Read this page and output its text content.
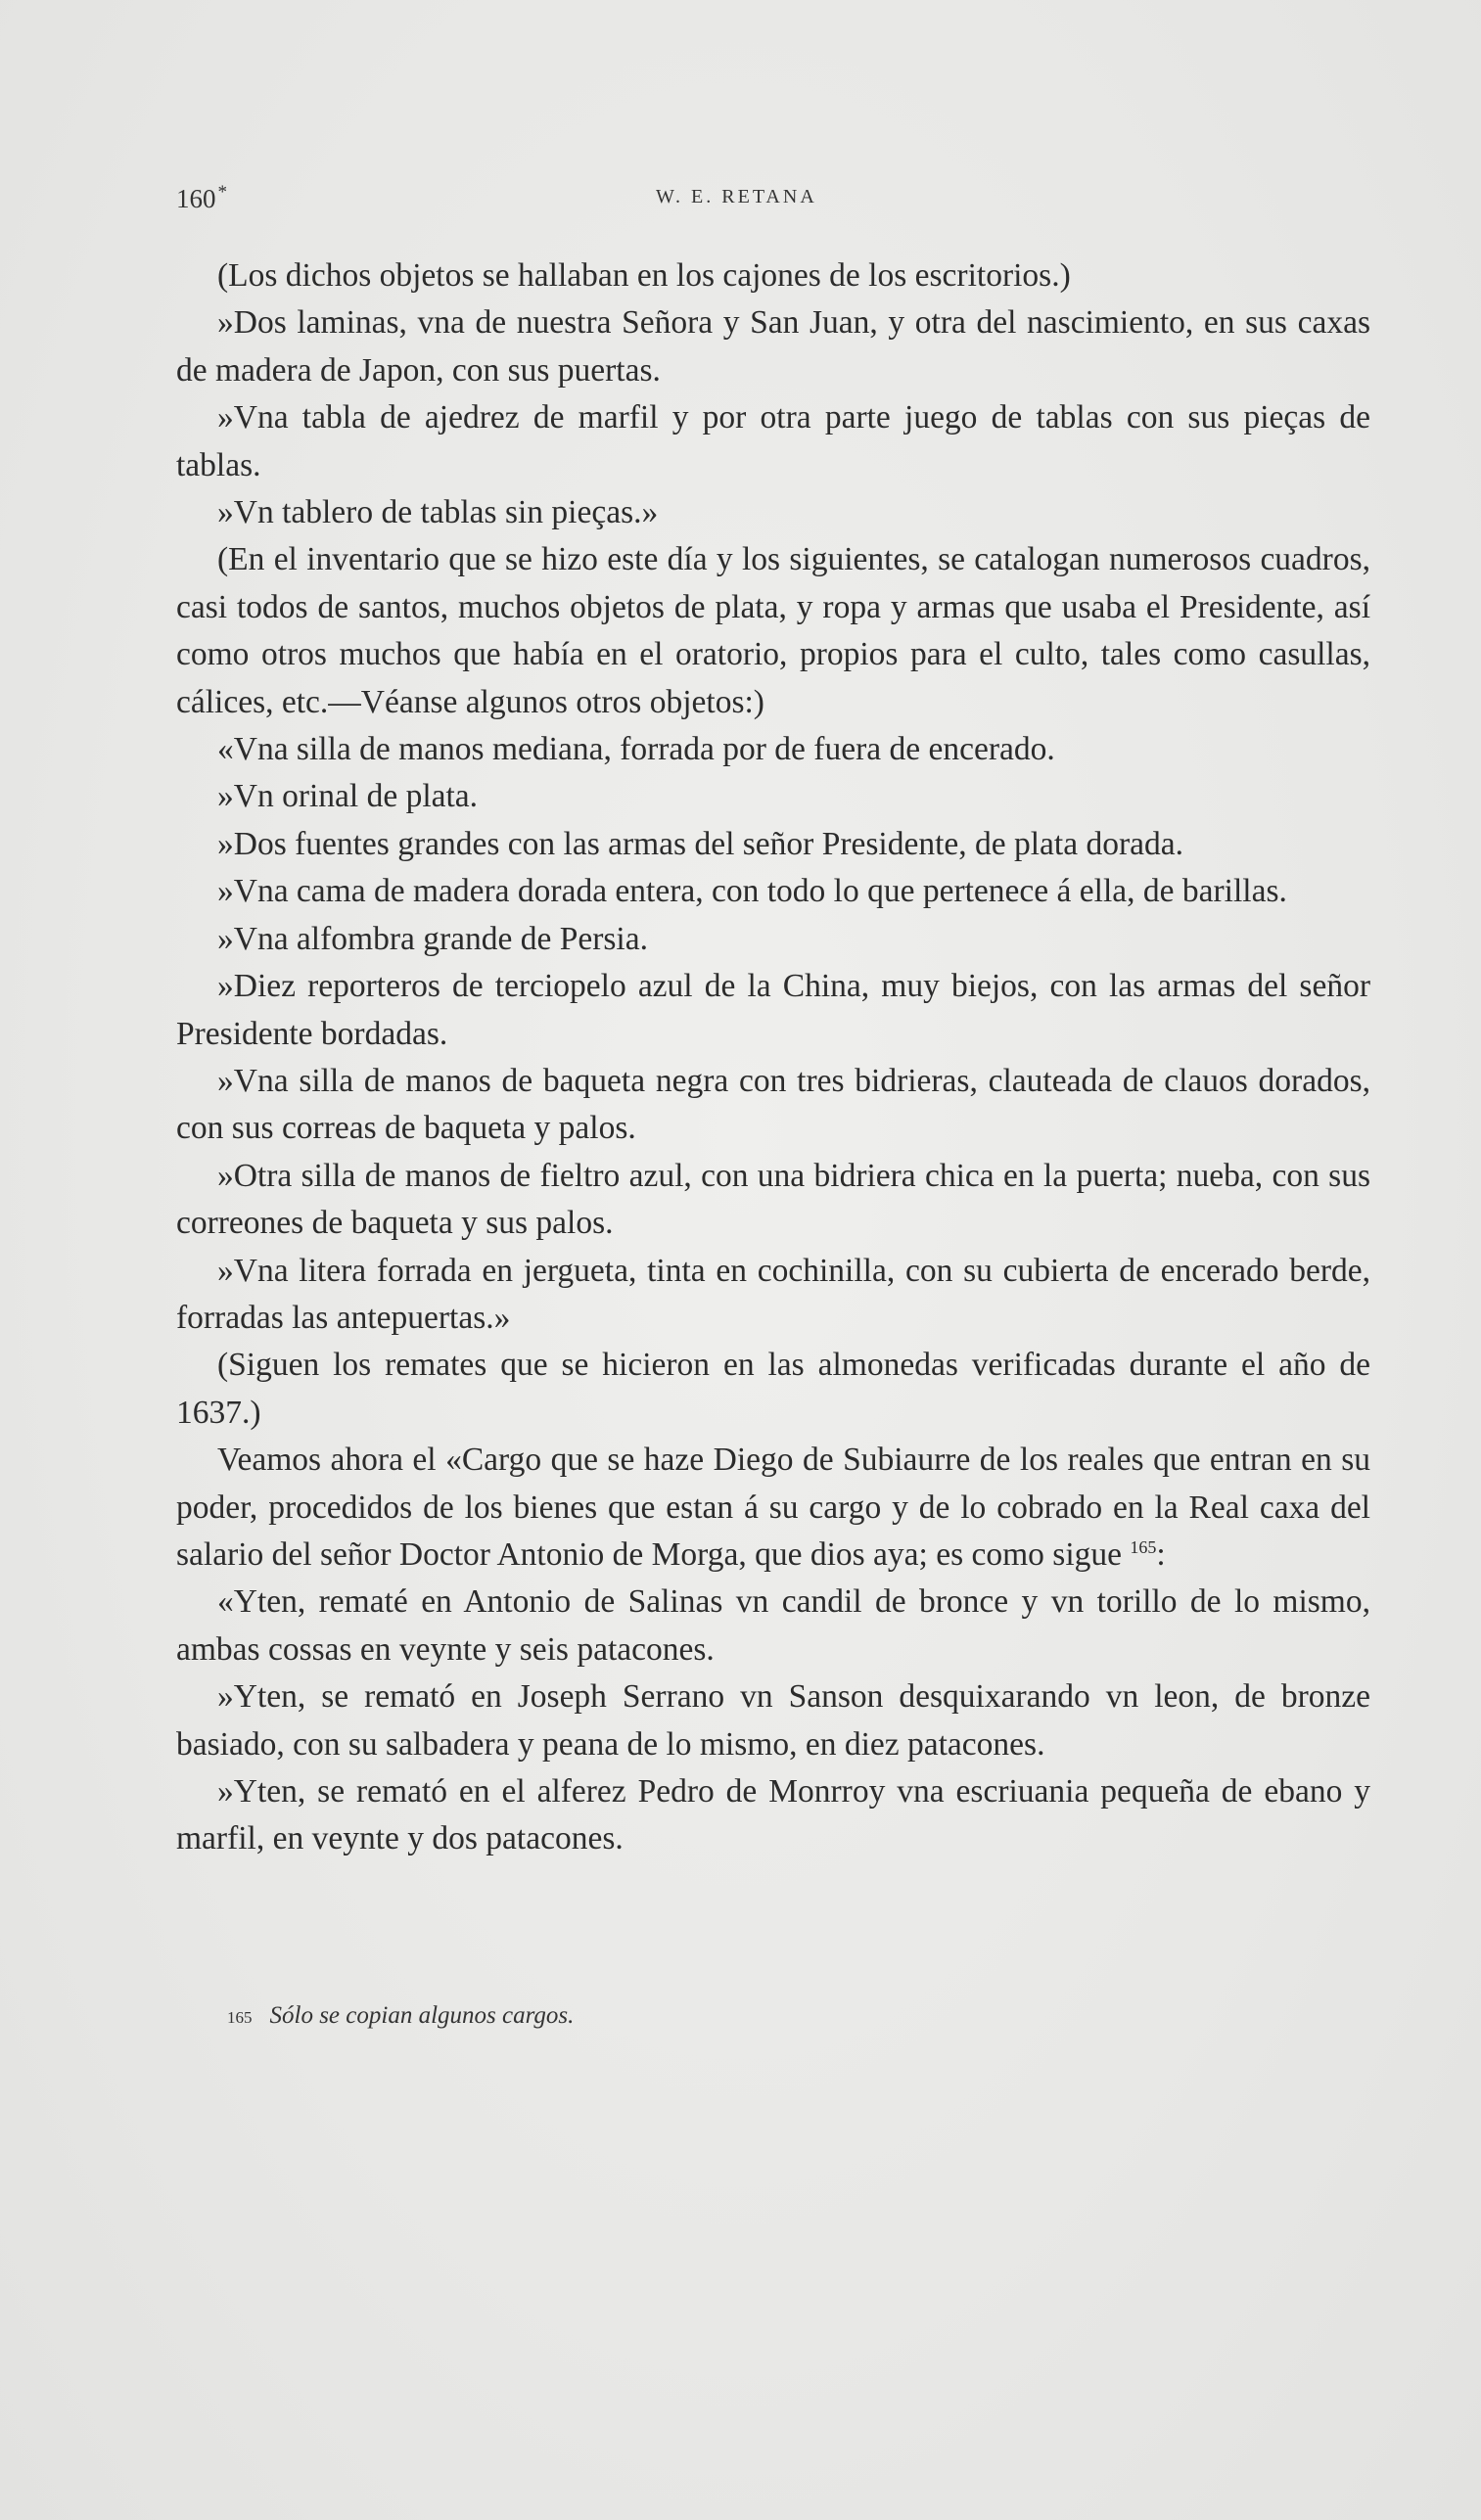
160 *	W. E. RETANA

(Los dichos objetos se hallaban en los cajones de los escritorios.)

»Dos laminas, vna de nuestra Señora y San Juan, y otra del nascimiento, en sus caxas de madera de Japon, con sus puertas.

»Vna tabla de ajedrez de marfil y por otra parte juego de tablas con sus pieças de tablas.

»Vn tablero de tablas sin pieças.»

(En el inventario que se hizo este día y los siguientes, se catalogan numerosos cuadros, casi todos de santos, muchos objetos de plata, y ropa y armas que usaba el Presidente, así como otros muchos que había en el oratorio, propios para el culto, tales como casullas, cálices, etc.—Véanse algunos otros objetos:)

«Vna silla de manos mediana, forrada por de fuera de encerado.

»Vn orinal de plata.

»Dos fuentes grandes con las armas del señor Presidente, de plata dorada.

»Vna cama de madera dorada entera, con todo lo que pertenece á ella, de barillas.

»Vna alfombra grande de Persia.

»Diez reporteros de terciopelo azul de la China, muy biejos, con las armas del señor Presidente bordadas.

»Vna silla de manos de baqueta negra con tres bidrieras, clauteada de clauos dorados, con sus correas de baqueta y palos.

»Otra silla de manos de fieltro azul, con una bidriera chica en la puerta; nueba, con sus correones de baqueta y sus palos.

»Vna litera forrada en jergueta, tinta en cochinilla, con su cubierta de encerado berde, forradas las antepuertas.»

(Siguen los remates que se hicieron en las almonedas verificadas durante el año de 1637.)

Veamos ahora el «Cargo que se haze Diego de Subiaurre de los reales que entran en su poder, procedidos de los bienes que estan á su cargo y de lo cobrado en la Real caxa del salario del señor Doctor Antonio de Morga, que dios aya; es como sigue $^{165}$:

«Yten, rematé en Antonio de Salinas vn candil de bronce y vn torillo de lo mismo, ambas cossas en veynte y seis patacones.

»Yten, se remató en Joseph Serrano vn Sanson desquixarando vn leon, de bronze basiado, con su salbadera y peana de lo mismo, en diez patacones.

»Yten, se remató en el alferez Pedro de Monrroy vna escriuania pequeña de ebano y marfil, en veynte y dos patacones.

165 Sólo se copian algunos cargos.
